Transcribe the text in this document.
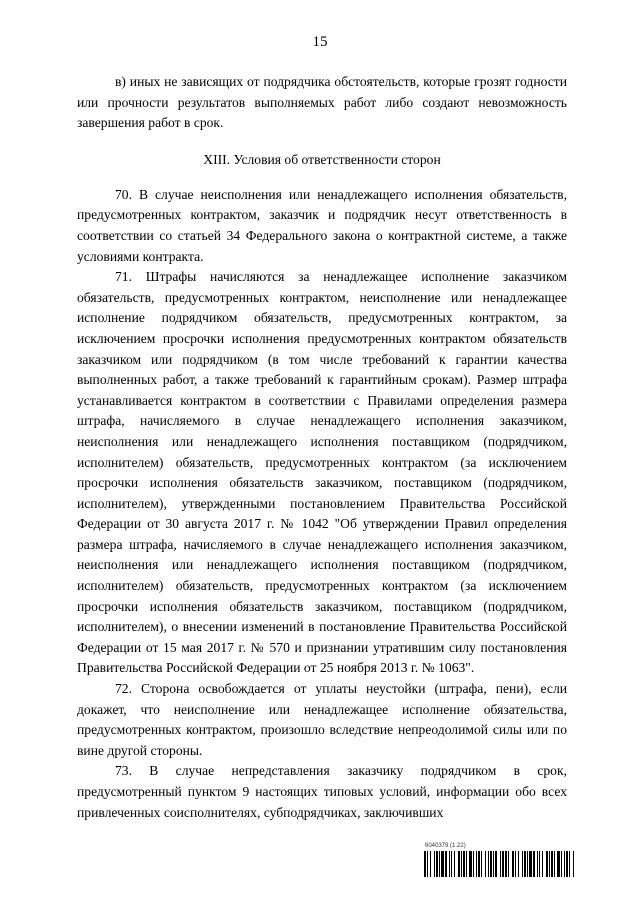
15

в) иных не зависящих от подрядчика обстоятельств, которые грозят годности или прочности результатов выполняемых работ либо создают невозможность завершения работ в срок.

XIII. Условия об ответственности сторон

70. В случае неисполнения или ненадлежащего исполнения обязательств, предусмотренных контрактом, заказчик и подрядчик несут ответственность в соответствии со статьей 34 Федерального закона о контрактной системе, а также условиями контракта.

71. Штрафы начисляются за ненадлежащее исполнение заказчиком обязательств, предусмотренных контрактом, неисполнение или ненадлежащее исполнение подрядчиком обязательств, предусмотренных контрактом, за исключением просрочки исполнения предусмотренных контрактом обязательств заказчиком или подрядчиком (в том числе требований к гарантии качества выполненных работ, а также требований к гарантийным срокам). Размер штрафа устанавливается контрактом в соответствии с Правилами определения размера штрафа, начисляемого в случае ненадлежащего исполнения заказчиком, неисполнения или ненадлежащего исполнения поставщиком (подрядчиком, исполнителем) обязательств, предусмотренных контрактом (за исключением просрочки исполнения обязательств заказчиком, поставщиком (подрядчиком, исполнителем), утвержденными постановлением Правительства Российской Федерации от 30 августа 2017 г. № 1042 "Об утверждении Правил определения размера штрафа, начисляемого в случае ненадлежащего исполнения заказчиком, неисполнения или ненадлежащего исполнения поставщиком (подрядчиком, исполнителем) обязательств, предусмотренных контрактом (за исключением просрочки исполнения обязательств заказчиком, поставщиком (подрядчиком, исполнителем), о внесении изменений в постановление Правительства Российской Федерации от 15 мая 2017 г. № 570 и признании утратившим силу постановления Правительства Российской Федерации от 25 ноября 2013 г. № 1063".

72. Сторона освобождается от уплаты неустойки (штрафа, пени), если докажет, что неисполнение или ненадлежащее исполнение обязательства, предусмотренных контрактом, произошло вследствие непреодолимой силы или по вине другой стороны.

73. В случае непредставления заказчику подрядчиком в срок, предусмотренный пунктом 9 настоящих типовых условий, информации обо всех привлеченных соисполнителях, субподрядчиках, заключивших

6040379 (1.22)
